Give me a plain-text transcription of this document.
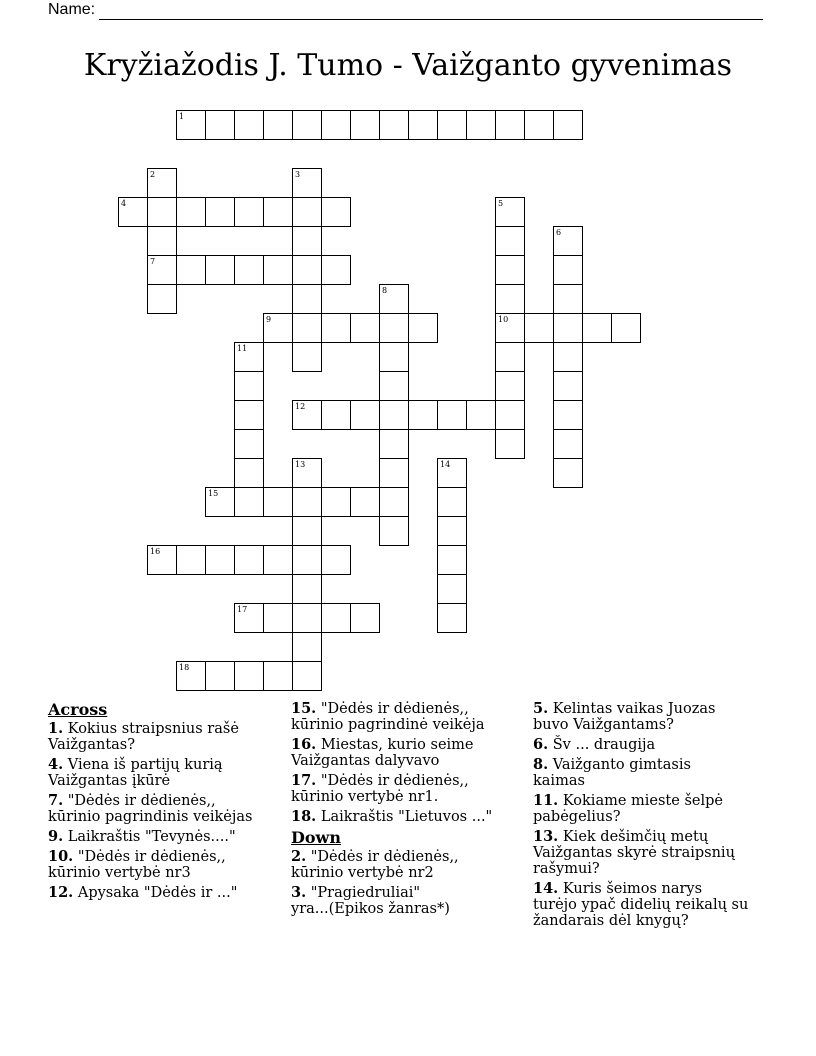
Name:
Kryžiažodis J. Tumo - Vaižganto gyvenimas
1
2
7
3
4	5
10
6
8
9
11
12
13	14
15
16
17
18
Across
1. Kokius straipsnius rašė
Vaižgantas?
4. Viena iš partijų kurią
Vaižgantas įkūrė
7. "Dėdės ir dėdienės,,
kūrinio pagrindinis veikėjas
9. Laikraštis "Tevynės...."
10. "Dėdės ir dėdienės,,
kūrinio vertybė nr3
12. Apysaka "Dėdės ir ..."
15. "Dėdės ir dėdienės,,
kūrinio pagrindinė veikėja
16. Miestas, kurio seime
Vaižgantas dalyvavo
17. "Dėdės ir dėdienės,,
kūrinio vertybė nr1.
18. Laikraštis "Lietuvos ..."
Down
2. "Dėdės ir dėdienės,,
kūrinio vertybė nr2
3. "Pragiedruliai"
yra...(Epikos žanras*)
5. Kelintas vaikas Juozas
buvo Vaižgantams?
6. Šv ... draugija
8. Vaižganto gimtasis
kaimas
11. Kokiame mieste šelpė
pabėgelius?
13. Kiek dešimčių metų
Vaižgantas skyrė straipsnių
rašymui?
14. Kuris šeimos narys
turėjo ypač didelių reikalų su
žandarais dėl knygų?
